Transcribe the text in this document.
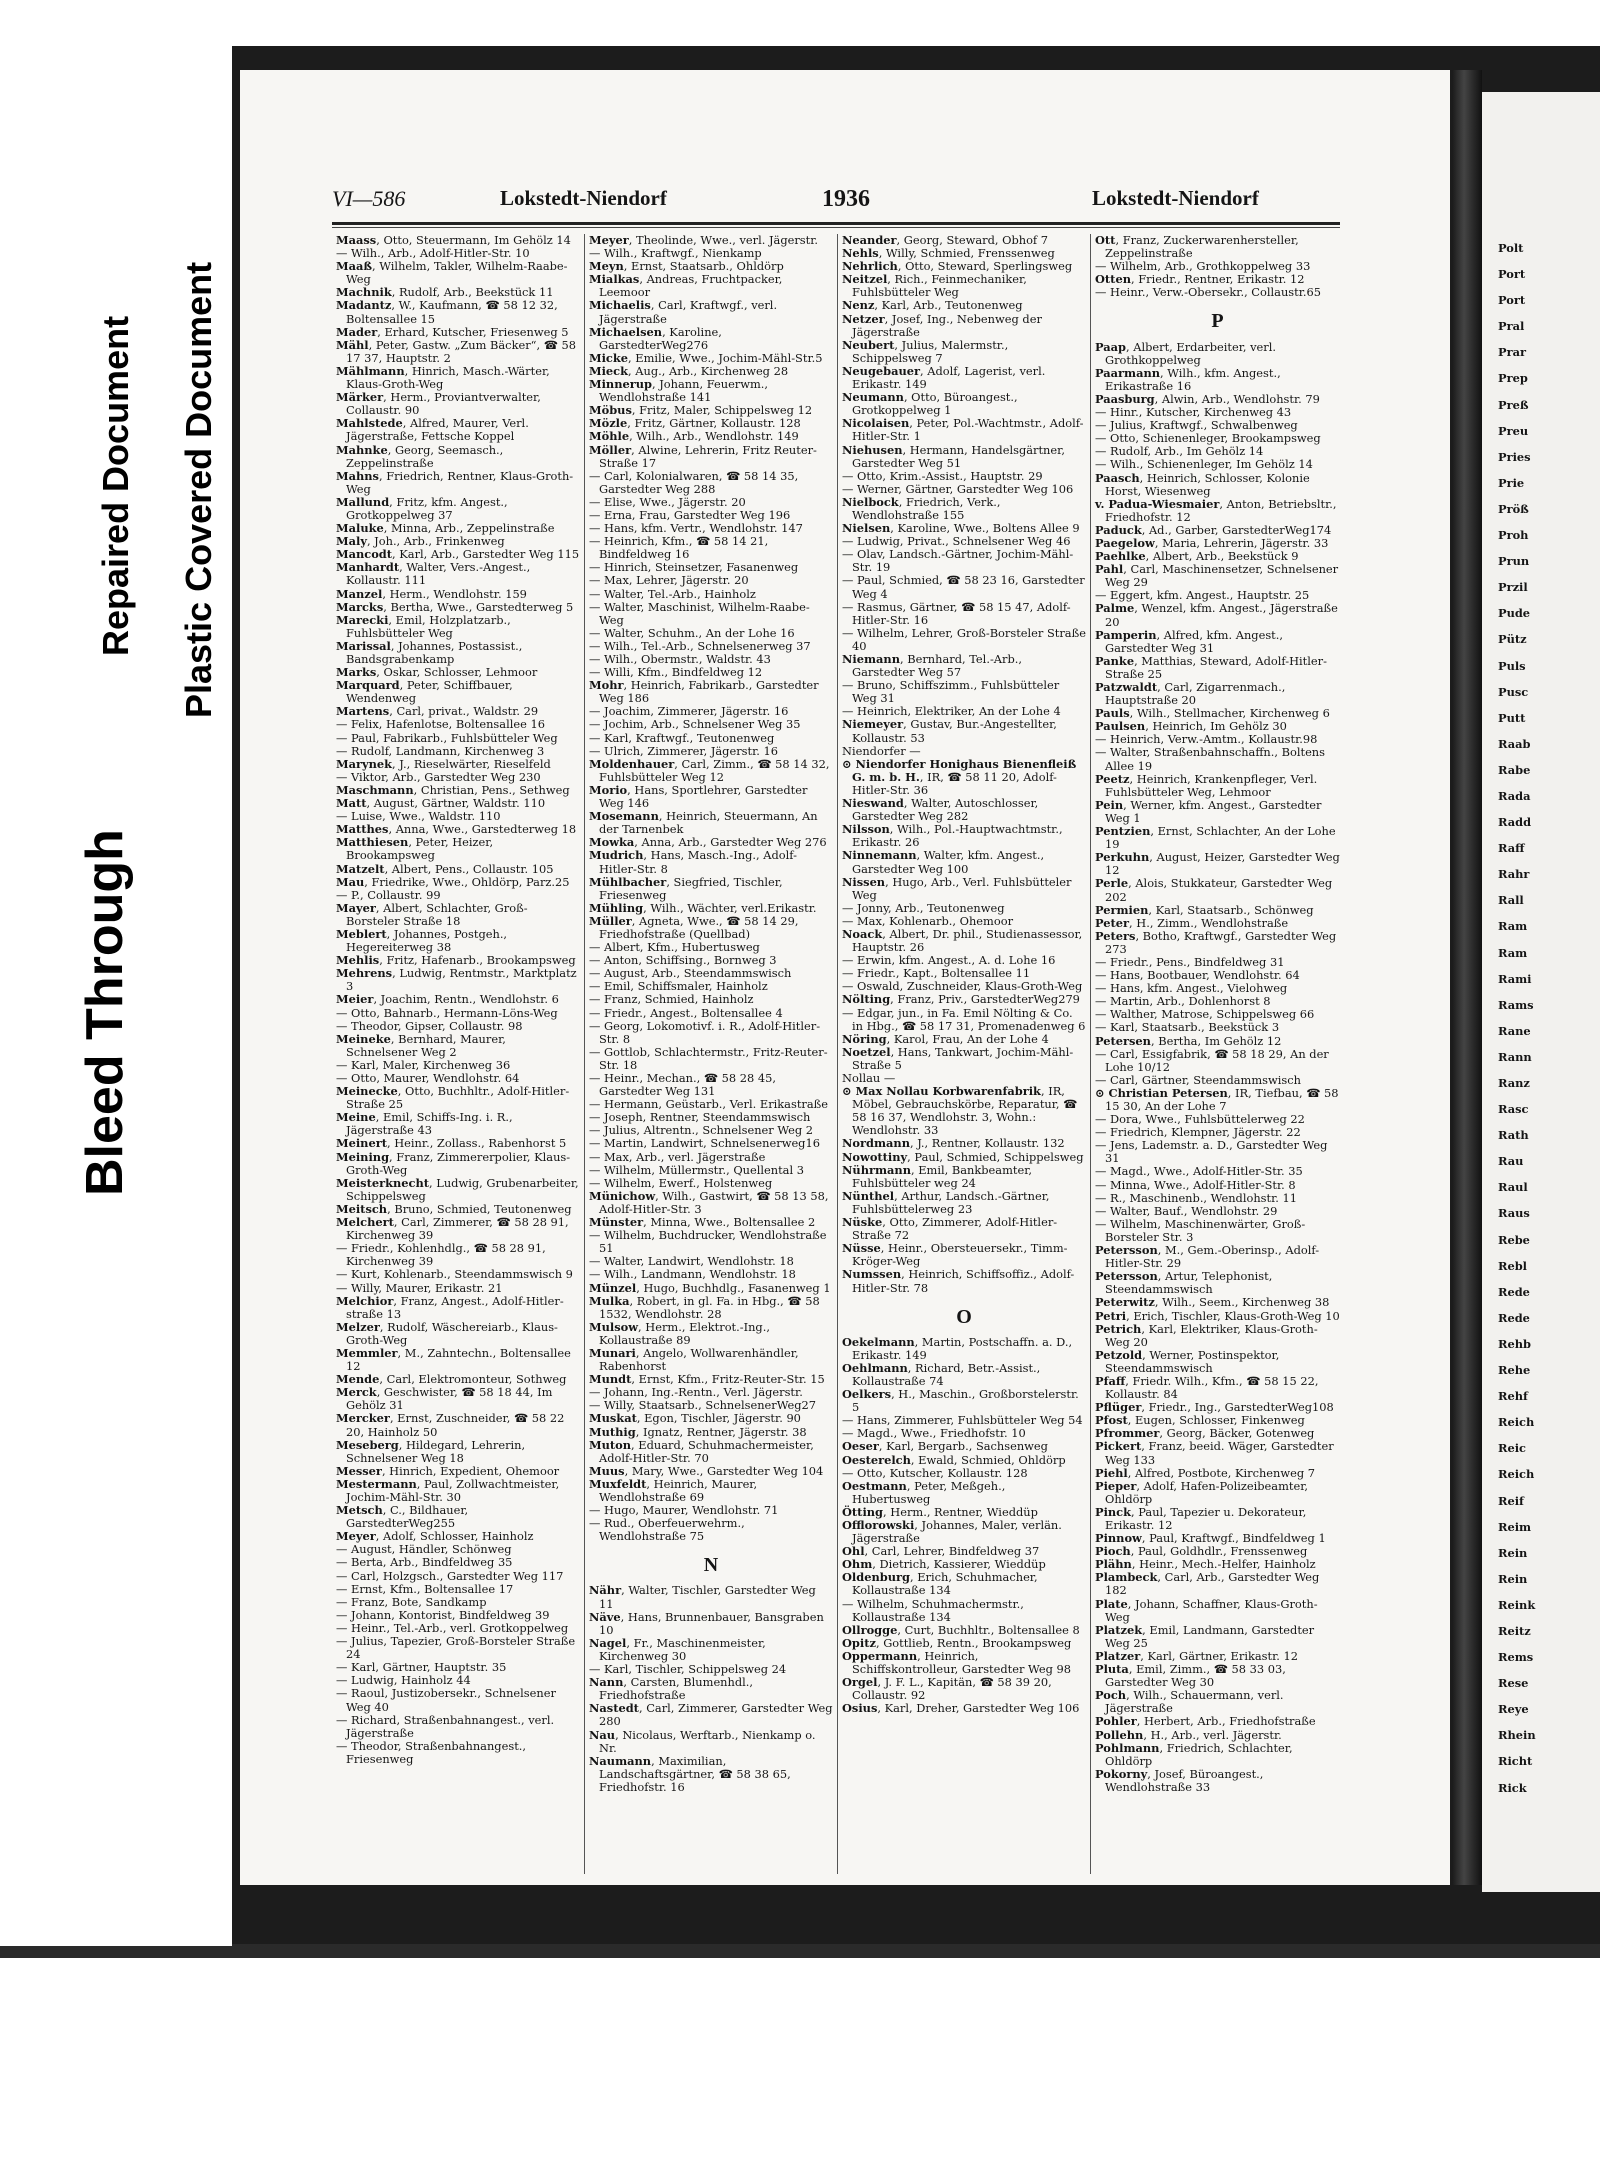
Bleed Through
Repaired Document Plastic Covered Document
VI—586	Lokstedt-Niendorf	1936	Lokstedt-Niendorf

Maass, Otto, Steuermann, Im Gehölz 14

— Wilh., Arb., Adolf-Hitler-Str. 10

Maaß, Wilhelm, Takler, Wilhelm-Raabe-Weg

Machnik, Rudolf, Arb., Beekstück 11

Madantz, W., Kaufmann, ☎ 58 12 32, Boltensallee 15

Mader, Erhard, Kutscher, Friesenweg 5

Mähl, Peter, Gastw. „Zum Bäcker“, ☎ 58 17 37, Hauptstr. 2

Mählmann, Hinrich, Masch.-Wärter, Klaus-Groth-Weg

Märker, Herm., Proviantverwalter, Collaustr. 90

Mahlstede, Alfred, Maurer, Verl. Jägerstraße, Fettsche Koppel

Mahnke, Georg, Seemasch., Zeppelinstraße

Mahns, Friedrich, Rentner, Klaus-Groth-Weg

Mallund, Fritz, kfm. Angest., Grotkoppelweg 37

Maluke, Minna, Arb., Zeppelinstraße

Maly, Joh., Arb., Frinkenweg

Mancodt, Karl, Arb., Garstedter Weg 115

Manhardt, Walter, Vers.-Angest., Kollaustr. 111

Manzel, Herm., Wendlohstr. 159

Marcks, Bertha, Wwe., Garstedterweg 5

Marecki, Emil, Holzplatzarb., Fuhlsbütteler Weg

Marissal, Johannes, Postassist., Bandsgrabenkamp

Marks, Oskar, Schlosser, Lehmoor

Marquard, Peter, Schiffbauer, Wendenweg

Martens, Carl, privat., Waldstr. 29

— Felix, Hafenlotse, Boltensallee 16

— Paul, Fabrikarb., Fuhlsbütteler Weg

— Rudolf, Landmann, Kirchenweg 3

Marynek, J., Rieselwärter, Rieselfeld

— Viktor, Arb., Garstedter Weg 230

Maschmann, Christian, Pens., Sethweg

Matt, August, Gärtner, Waldstr. 110

— Luise, Wwe., Waldstr. 110

Matthes, Anna, Wwe., Garstedterweg 18

Matthiesen, Peter, Heizer, Brookampsweg

Matzelt, Albert, Pens., Collaustr. 105

Mau, Friedrike, Wwe., Ohldörp, Parz.25

— P., Collaustr. 99

Mayer, Albert, Schlachter, Groß-Borsteler Straße 18

Meblert, Johannes, Postgeh., Hegereiterweg 38

Mehlis, Fritz, Hafenarb., Brookampsweg

Mehrens, Ludwig, Rentmstr., Marktplatz 3

Meier, Joachim, Rentn., Wendlohstr. 6

— Otto, Bahnarb., Hermann-Löns-Weg

— Theodor, Gipser, Collaustr. 98

Meineke, Bernhard, Maurer, Schnelsener Weg 2

— Karl, Maler, Kirchenweg 36

— Otto, Maurer, Wendlohstr. 64

Meinecke, Otto, Buchhltr., Adolf-Hitler-Straße 25

Meine, Emil, Schiffs-Ing. i. R., Jägerstraße 43

Meinert, Heinr., Zollass., Rabenhorst 5

Meining, Franz, Zimmererpolier, Klaus-Groth-Weg

Meisterknecht, Ludwig, Grubenarbeiter, Schippelsweg

Meitsch, Bruno, Schmied, Teutonenweg

Melchert, Carl, Zimmerer, ☎ 58 28 91, Kirchenweg 39

— Friedr., Kohlenhdlg., ☎ 58 28 91, Kirchenweg 39

— Kurt, Kohlenarb., Steendammswisch 9

— Willy, Maurer, Erikastr. 21

Melchior, Franz, Angest., Adolf-Hitler-straße 13

Melzer, Rudolf, Wäschereiarb., Klaus-Groth-Weg

Memmler, M., Zahntechn., Boltensallee 12

Mende, Carl, Elektromonteur, Sothweg

Merck, Geschwister, ☎ 58 18 44, Im Gehölz 31

Mercker, Ernst, Zuschneider, ☎ 58 22 20, Hainholz 50

Meseberg, Hildegard, Lehrerin, Schnelsener Weg 18

Messer, Hinrich, Expedient, Ohemoor

Mestermann, Paul, Zollwachtmeister, Jochim-Mähl-Str. 30

Metsch, C., Bildhauer, GarstedterWeg255

Meyer, Adolf, Schlosser, Hainholz

— August, Händler, Schönweg

— Berta, Arb., Bindfeldweg 35

— Carl, Holzgsch., Garstedter Weg 117

— Ernst, Kfm., Boltensallee 17

— Franz, Bote, Sandkamp

— Johann, Kontorist, Bindfeldweg 39

— Heinr., Tel.-Arb., verl. Grotkoppelweg

— Julius, Tapezier, Groß-Borsteler Straße 24

— Karl, Gärtner, Hauptstr. 35

— Ludwig, Hainholz 44

— Raoul, Justizobersekr., Schnelsener Weg 40

— Richard, Straßenbahnangest., verl. Jägerstraße

— Theodor, Straßenbahnangest., Friesenweg

Meyer, Theolinde, Wwe., verl. Jägerstr.

— Wilh., Kraftwgf., Nienkamp

Meyn, Ernst, Staatsarb., Ohldörp

Mialkas, Andreas, Fruchtpacker, Leemoor

Michaelis, Carl, Kraftwgf., verl. Jägerstraße

Michaelsen, Karoline, GarstedterWeg276

Micke, Emilie, Wwe., Jochim-Mähl-Str.5

Mieck, Aug., Arb., Kirchenweg 28

Minnerup, Johann, Feuerwm., Wendlohstraße 141

Möbus, Fritz, Maler, Schippelsweg 12

Mözle, Fritz, Gärtner, Kollaustr. 128

Möhle, Wilh., Arb., Wendlohstr. 149

Möller, Alwine, Lehrerin, Fritz Reuter-Straße 17

— Carl, Kolonialwaren, ☎ 58 14 35, Garstedter Weg 288

— Elise, Wwe., Jägerstr. 20

— Erna, Frau, Garstedter Weg 196

— Hans, kfm. Vertr., Wendlohstr. 147

— Heinrich, Kfm., ☎ 58 14 21, Bindfeldweg 16

— Hinrich, Steinsetzer, Fasanenweg

— Max, Lehrer, Jägerstr. 20

— Walter, Tel.-Arb., Hainholz

— Walter, Maschinist, Wilhelm-Raabe-Weg

— Walter, Schuhm., An der Lohe 16

— Wilh., Tel.-Arb., Schnelsenerweg 37

— Wilh., Obermstr., Waldstr. 43

— Willi, Kfm., Bindfeldweg 12

Mohr, Heinrich, Fabrikarb., Garstedter Weg 186

— Joachim, Zimmerer, Jägerstr. 16

— Jochim, Arb., Schnelsener Weg 35

— Karl, Kraftwgf., Teutonenweg

— Ulrich, Zimmerer, Jägerstr. 16

Moldenhauer, Carl, Zimm., ☎ 58 14 32, Fuhlsbütteler Weg 12

Morio, Hans, Sportlehrer, Garstedter Weg 146

Mosemann, Heinrich, Steuermann, An der Tarnenbek

Mowka, Anna, Arb., Garstedter Weg 276

Mudrich, Hans, Masch.-Ing., Adolf-Hitler-Str. 8

Mühlbacher, Siegfried, Tischler, Friesenweg

Mühling, Wilh., Wächter, verl.Erikastr.

Müller, Agneta, Wwe., ☎ 58 14 29, Friedhofstraße (Quellbad)

— Albert, Kfm., Hubertusweg

— Anton, Schiffsing., Bornweg 3

— August, Arb., Steendammswisch

— Emil, Schiffsmaler, Hainholz

— Franz, Schmied, Hainholz

— Friedr., Angest., Boltensallee 4

— Georg, Lokomotivf. i. R., Adolf-Hitler-Str. 8

— Gottlob, Schlachtermstr., Fritz-Reuter-Str. 18

— Heinr., Mechan., ☎ 58 28 45, Garstedter Weg 131

— Hermann, Geüstarb., Verl. Erikastraße

— Joseph, Rentner, Steendammswisch

— Julius, Altrentn., Schnelsener Weg 2

— Martin, Landwirt, Schnelsenerweg16

— Max, Arb., verl. Jägerstraße

— Wilhelm, Müllermstr., Quellental 3

— Wilhelm, Ewerf., Holstenweg

Münichow, Wilh., Gastwirt, ☎ 58 13 58, Adolf-Hitler-Str. 3

Münster, Minna, Wwe., Boltensallee 2

— Wilhelm, Buchdrucker, Wendlohstraße 51

— Walter, Landwirt, Wendlohstr. 18

— Wilh., Landmann, Wendlohstr. 18

Münzel, Hugo, Buchhdlg., Fasanenweg 1

Mulka, Robert, in gl. Fa. in Hbg., ☎ 58 1532, Wendlohstr. 28

Mulsow, Herm., Elektrot.-Ing., Kollaustraße 89

Munari, Angelo, Wollwarenhändler, Rabenhorst

Mundt, Ernst, Kfm., Fritz-Reuter-Str. 15

— Johann, Ing.-Rentn., Verl. Jägerstr.

— Willy, Staatsarb., SchnelsenerWeg27

Muskat, Egon, Tischler, Jägerstr. 90

Muthig, Ignatz, Rentner, Jägerstr. 38

Muton, Eduard, Schuhmachermeister, Adolf-Hitler-Str. 70

Muus, Mary, Wwe., Garstedter Weg 104

Muxfeldt, Heinrich, Maurer, Wendlohstraße 69

— Hugo, Maurer, Wendlohstr. 71

— Rud., Oberfeuerwehrm., Wendlohstraße 75

N

Nähr, Walter, Tischler, Garstedter Weg 11

Näve, Hans, Brunnenbauer, Bansgraben 10

Nagel, Fr., Maschinenmeister, Kirchenweg 30

— Karl, Tischler, Schippelsweg 24

Nann, Carsten, Blumenhdl., Friedhofstraße

Nastedt, Carl, Zimmerer, Garstedter Weg 280

Nau, Nicolaus, Werftarb., Nienkamp o. Nr.

Naumann, Maximilian, Landschaftsgärtner, ☎ 58 38 65, Friedhofstr. 16

Neander, Georg, Steward, Obhof 7

Nehls, Willy, Schmied, Frenssenweg

Nehrlich, Otto, Steward, Sperlingsweg

Neitzel, Rich., Feinmechaniker, Fuhlsbütteler Weg

Nenz, Karl, Arb., Teutonenweg

Netzer, Josef, Ing., Nebenweg der Jägerstraße

Neubert, Julius, Malermstr., Schippelsweg 7

Neugebauer, Adolf, Lagerist, verl. Erikastr. 149

Neumann, Otto, Büroangest., Grotkoppelweg 1

Nicolaisen, Peter, Pol.-Wachtmstr., Adolf-Hitler-Str. 1

Niehusen, Hermann, Handelsgärtner, Garstedter Weg 51

— Otto, Krim.-Assist., Hauptstr. 29

— Werner, Gärtner, Garstedter Weg 106

Nielbock, Friedrich, Verk., Wendlohstraße 155

Nielsen, Karoline, Wwe., Boltens Allee 9

— Ludwig, Privat., Schnelsener Weg 46

— Olav, Landsch.-Gärtner, Jochim-Mähl-Str. 19

— Paul, Schmied, ☎ 58 23 16, Garstedter Weg 4

— Rasmus, Gärtner, ☎ 58 15 47, Adolf-Hitler-Str. 16

— Wilhelm, Lehrer, Groß-Borsteler Straße 40

Niemann, Bernhard, Tel.-Arb., Garstedter Weg 57

— Bruno, Schiffszimm., Fuhlsbütteler Weg 31

— Heinrich, Elektriker, An der Lohe 4

Niemeyer, Gustav, Bur.-Angestellter, Kollaustr. 53

Niendorfer —

⊙ Niendorfer Honighaus Bienenfleiß G. m. b. H., IR, ☎ 58 11 20, Adolf-Hitler-Str. 36

Nieswand, Walter, Autoschlosser, Garstedter Weg 282

Nilsson, Wilh., Pol.-Hauptwachtmstr., Erikastr. 26

Ninnemann, Walter, kfm. Angest., Garstedter Weg 100

Nissen, Hugo, Arb., Verl. Fuhlsbütteler Weg

— Jonny, Arb., Teutonenweg

— Max, Kohlenarb., Ohemoor

Noack, Albert, Dr. phil., Studienassessor, Hauptstr. 26

— Erwin, kfm. Angest., A. d. Lohe 16

— Friedr., Kapt., Boltensallee 11

— Oswald, Zuschneider, Klaus-Groth-Weg

Nölting, Franz, Priv., GarstedterWeg279

— Edgar, jun., in Fa. Emil Nölting & Co. in Hbg., ☎ 58 17 31, Promenadenweg 6

Nöring, Karol, Frau, An der Lohe 4

Noetzel, Hans, Tankwart, Jochim-Mähl-Straße 5

Nollau —

⊙ Max Nollau Korbwarenfabrik, IR, Möbel, Gebrauchskörbe, Reparatur, ☎ 58 16 37, Wendlohstr. 3, Wohn.: Wendlohstr. 33

Nordmann, J., Rentner, Kollaustr. 132

Nowottiny, Paul, Schmied, Schippelsweg

Nührmann, Emil, Bankbeamter, Fuhlsbütteler weg 24

Nünthel, Arthur, Landsch.-Gärtner, Fuhlsbüttelerweg 23

Nüske, Otto, Zimmerer, Adolf-Hitler-Straße 72

Nüsse, Heinr., Obersteuersekr., Timm-Kröger-Weg

Numssen, Heinrich, Schiffsoffiz., Adolf-Hitler-Str. 78

O

Oekelmann, Martin, Postschaffn. a. D., Erikastr. 149

Oehlmann, Richard, Betr.-Assist., Kollaustraße 74

Oelkers, H., Maschin., Großborstelerstr. 5

— Hans, Zimmerer, Fuhlsbütteler Weg 54

— Magd., Wwe., Friedhofstr. 10

Oeser, Karl, Bergarb., Sachsenweg

Oesterelch, Ewald, Schmied, Ohldörp

— Otto, Kutscher, Kollaustr. 128

Oestmann, Peter, Meßgeh., Hubertusweg

Ötting, Herm., Rentner, Wieddüp

Offlorowski, Johannes, Maler, verlän. Jägerstraße

Ohl, Carl, Lehrer, Bindfeldweg 37

Ohm, Dietrich, Kassierer, Wieddüp

Oldenburg, Erich, Schuhmacher, Kollaustraße 134

— Wilhelm, Schuhmachermstr., Kollaustraße 134

Ollrogge, Curt, Buchhltr., Boltensallee 8

Opitz, Gottlieb, Rentn., Brookampsweg

Oppermann, Heinrich, Schiffskontrolleur, Garstedter Weg 98

Orgel, J. F. L., Kapitän, ☎ 58 39 20, Collaustr. 92

Osius, Karl, Dreher, Garstedter Weg 106

Ott, Franz, Zuckerwarenhersteller, Zeppelinstraße

— Wilhelm, Arb., Grothkoppelweg 33

Otten, Friedr., Rentner, Erikastr. 12

— Heinr., Verw.-Obersekr., Collaustr.65

P

Paap, Albert, Erdarbeiter, verl. Grothkoppelweg

Paarmann, Wilh., kfm. Angest., Erikastraße 16

Paasburg, Alwin, Arb., Wendlohstr. 79

— Hinr., Kutscher, Kirchenweg 43

— Julius, Kraftwgf., Schwalbenweg

— Otto, Schienenleger, Brookampsweg

— Rudolf, Arb., Im Gehölz 14

— Wilh., Schienenleger, Im Gehölz 14

Paasch, Heinrich, Schlosser, Kolonie Horst, Wiesenweg

v. Padua-Wiesmaier, Anton, Betriebsltr., Friedhofstr. 12

Paduck, Ad., Garber, GarstedterWeg174

Paegelow, Maria, Lehrerin, Jägerstr. 33

Paehlke, Albert, Arb., Beekstück 9

Pahl, Carl, Maschinensetzer, Schnelsener Weg 29

— Eggert, kfm. Angest., Hauptstr. 25

Palme, Wenzel, kfm. Angest., Jägerstraße 20

Pamperin, Alfred, kfm. Angest., Garstedter Weg 31

Panke, Matthias, Steward, Adolf-Hitler-Straße 25

Patzwaldt, Carl, Zigarrenmach., Hauptstraße 20

Pauls, Wilh., Stellmacher, Kirchenweg 6

Paulsen, Heinrich, Im Gehölz 30

— Heinrich, Verw.-Amtm., Kollaustr.98

— Walter, Straßenbahnschaffn., Boltens Allee 19

Peetz, Heinrich, Krankenpfleger, Verl. Fuhlsbütteler Weg, Lehmoor

Pein, Werner, kfm. Angest., Garstedter Weg 1

Pentzien, Ernst, Schlachter, An der Lohe 19

Perkuhn, August, Heizer, Garstedter Weg 12

Perle, Alois, Stukkateur, Garstedter Weg 202

Permien, Karl, Staatsarb., Schönweg

Peter, H., Zimm., Wendlohstraße

Peters, Botho, Kraftwgf., Garstedter Weg 273

— Friedr., Pens., Bindfeldweg 31

— Hans, Bootbauer, Wendlohstr. 64

— Hans, kfm. Angest., Vielohweg

— Martin, Arb., Dohlenhorst 8

— Walther, Matrose, Schippelsweg 66

— Karl, Staatsarb., Beekstück 3

Petersen, Bertha, Im Gehölz 12

— Carl, Essigfabrik, ☎ 58 18 29, An der Lohe 10/12

— Carl, Gärtner, Steendammswisch

⊙ Christian Petersen, IR, Tiefbau, ☎ 58 15 30, An der Lohe 7

— Dora, Wwe., Fuhlsbüttelerweg 22

— Friedrich, Klempner, Jägerstr. 22

— Jens, Lademstr. a. D., Garstedter Weg 31

— Magd., Wwe., Adolf-Hitler-Str. 35

— Minna, Wwe., Adolf-Hitler-Str. 8

— R., Maschinenb., Wendlohstr. 11

— Walter, Bauf., Wendlohstr. 29

— Wilhelm, Maschinenwärter, Groß-Borsteler Str. 3

Petersson, M., Gem.-Oberinsp., Adolf-Hitler-Str. 29

Petersson, Artur, Telephonist, Steendammswisch

Peterwitz, Wilh., Seem., Kirchenweg 38

Petri, Erich, Tischler, Klaus-Groth-Weg 10

Petrich, Karl, Elektriker, Klaus-Groth-Weg 20

Petzold, Werner, Postinspektor, Steendammswisch

Pfaff, Friedr. Wilh., Kfm., ☎ 58 15 22, Kollaustr. 84

Pflüger, Friedr., Ing., GarstedterWeg108

Pfost, Eugen, Schlosser, Finkenweg

Pfrommer, Georg, Bäcker, Gotenweg

Pickert, Franz, beeid. Wäger, Garstedter Weg 133

Piehl, Alfred, Postbote, Kirchenweg 7

Pieper, Adolf, Hafen-Polizeibeamter, Ohldörp

Pinck, Paul, Tapezier u. Dekorateur, Erikastr. 12

Pinnow, Paul, Kraftwgf., Bindfeldweg 1

Pioch, Paul, Goldhdlr., Frenssenweg

Plähn, Heinr., Mech.-Helfer, Hainholz

Plambeck, Carl, Arb., Garstedter Weg 182

Plate, Johann, Schaffner, Klaus-Groth-Weg

Platzek, Emil, Landmann, Garstedter Weg 25

Platzer, Karl, Gärtner, Erikastr. 12

Pluta, Emil, Zimm., ☎ 58 33 03, Garstedter Weg 30

Poch, Wilh., Schauermann, verl. Jägerstraße

Pohler, Herbert, Arb., Friedhofstraße

Pollehn, H., Arb., verl. Jägerstr.

Pohlmann, Friedrich, Schlachter, Ohldörp

Pokorny, Josef, Büroangest., Wendlohstraße 33

Polt
Port
Port
Pral
Prar
Prep
Preß
Preu
Pries
Prie
Pröß
Proh
Prun
Przil
Pude
Pütz
Puls
Pusc
Putt
Raab
Rabe
Rada
Radd
Raff
Rahr
Rall
Ram
Ram
Rami
Rams
Rane
Rann
Ranz
Rasc
Rath
Rau
Raul
Raus
Rebe
Rebl
Rede
Rede
Rehb
Rehe
Rehf
Reich
Reic
Reich
Reif
Reim
Rein
Rein
Reink
Reitz
Rems
Rese
Reye
Rhein
Richt
Rick
